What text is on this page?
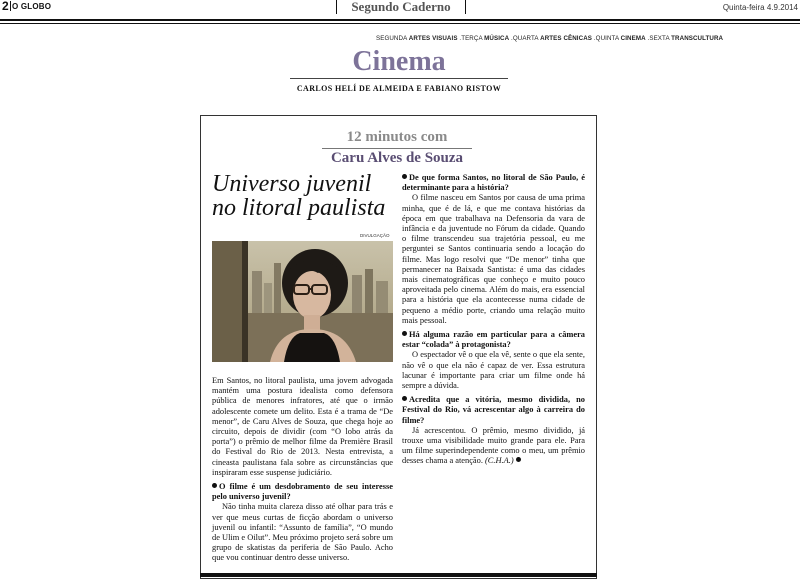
2 O GLOBO	Segundo Caderno	Quinta-feira 4.9.2014
SEGUNDA ARTES VISUAIS .TERÇA MÚSICA .QUARTA ARTES CÊNICAS .QUINTA CINEMA .SEXTA TRANSCULTURA
Cinema
CARLOS HELÍ DE ALMEIDA E FABIANO RISTOW
12 minutos com
Caru Alves de Souza
Universo juvenil
no litoral paulista
DIVULGAÇÃO

Em Santos, no litoral paulista, uma jovem advogada mantém uma postura idealista como defensora pública de menores infratores, até que o irmão adolescente comete um delito. Esta é a trama de “De menor”, de Caru Alves de Souza, que chega hoje ao circuito, depois de dividir (com “O lobo atrás da porta”) o prêmio de melhor filme da Première Brasil do Festival do Rio de 2013. Nesta entrevista, a cineasta paulistana fala sobre as circunstâncias que inspiraram esse suspense judiciário.

O filme é um desdobramento de seu interesse pelo universo juvenil?

Não tinha muita clareza disso até olhar para trás e ver que meus curtas de ficção abordam o universo juvenil ou infantil: “Assunto de família”, “O mundo de Ulim e Oilut”. Meu próximo projeto será sobre um grupo de skatistas da periferia de São Paulo. Acho que vou continuar dentro desse universo.

De que forma Santos, no litoral de São Paulo, é determinante para a história?

O filme nasceu em Santos por causa de uma prima minha, que é de lá, e que me contava histórias da época em que trabalhava na Defensoria da vara de infância e da juventude no Fórum da cidade. Quando o filme transcendeu sua trajetória pessoal, eu me perguntei se Santos continuaria sendo a locação do filme. Mas logo resolvi que “De menor” tinha que permanecer na Baixada Santista: é uma das cidades mais cinematográficas que conheço e muito pouco aproveitada pelo cinema. Além do mais, era essencial para a história que ela acontecesse numa cidade de pequeno a médio porte, criando uma relação muito mais pessoal.

Há alguma razão em particular para a câmera estar “colada” à protagonista?

O espectador vê o que ela vê, sente o que ela sente, não vê o que ela não é capaz de ver. Essa estrutura lacunar é importante para criar um filme onde há sempre a dúvida.

Acredita que a vitória, mesmo dividida, no Festival do Rio, vá acrescentar algo à carreira do filme?

Já acrescentou. O prêmio, mesmo dividido, já trouxe uma visibilidade muito grande para ele. Para um filme superindependente como o meu, um prêmio desses chama a atenção. (C.H.A.)
